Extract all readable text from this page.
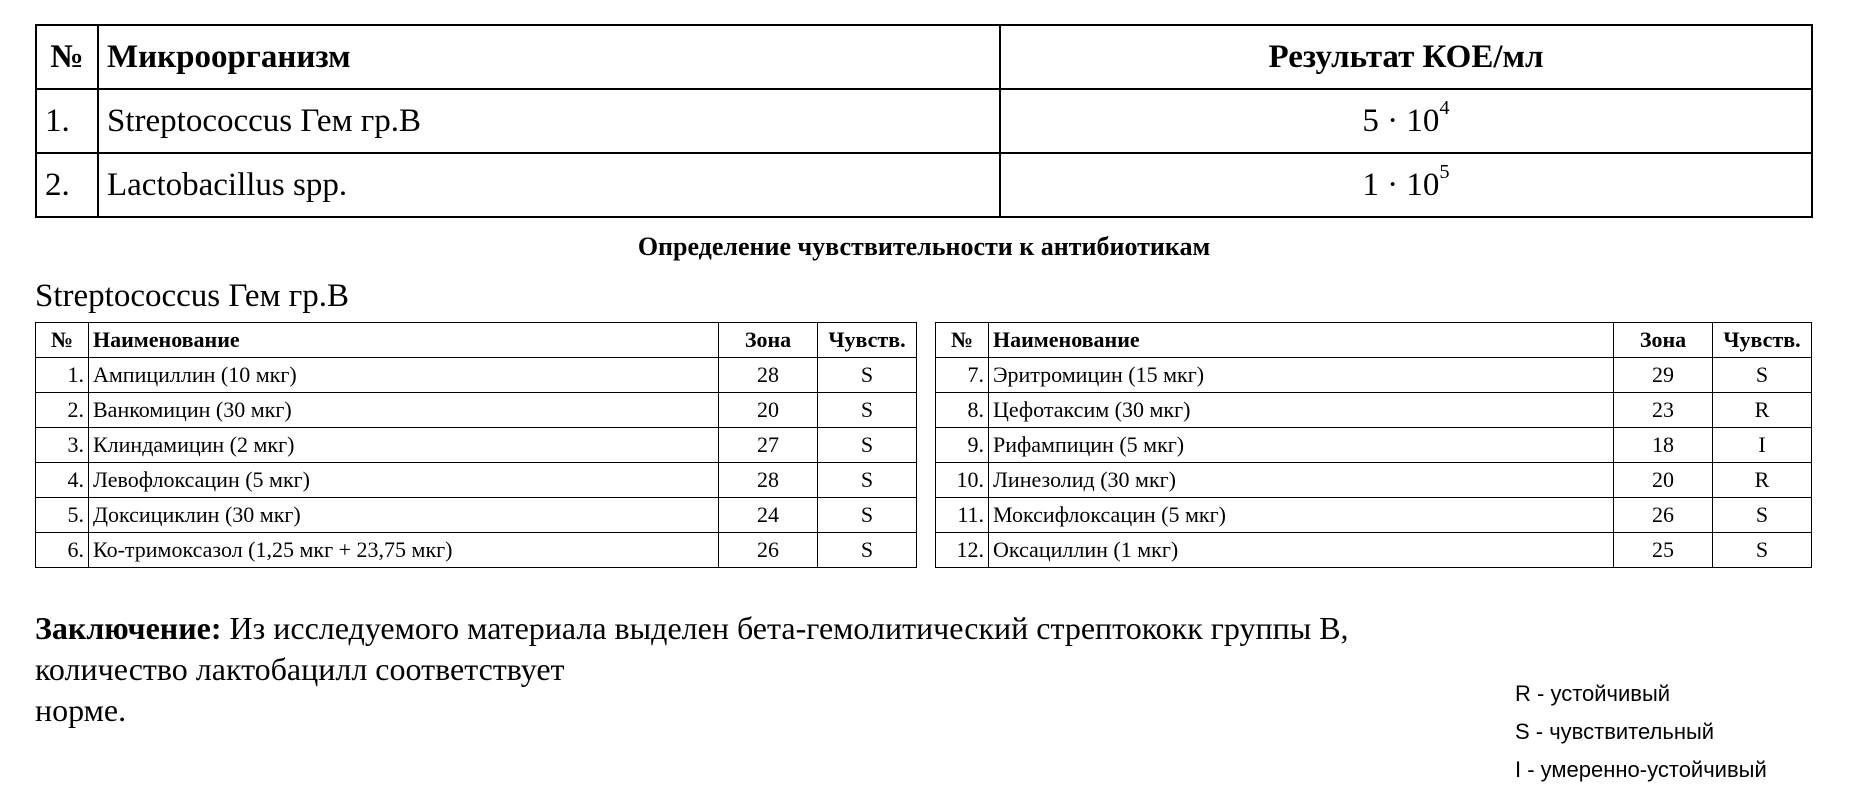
№	Микроорганизм	Результат КОЕ/мл
1.	Streptococcus Гем гр.В	$5 \cdot 10^4$
2.	Lactobacillus spp.	$1 \cdot 10^5$
Определение чувствительности к антибиотикам
Streptococcus Гем гр.В
№	Наименование	Зона	Чувств.
1.	Ампициллин (10 мкг)	28	S
2.	Ванкомицин (30 мкг)	20	S
3.	Клиндамицин (2 мкг)	27	S
4.	Левофлоксацин (5 мкг)	28	S
5.	Доксициклин (30 мкг)	24	S
6.	Ко-тримоксазол (1,25 мкг + 23,75 мкг)	26	S
№	Наименование	Зона	Чувств.
7.	Эритромицин (15 мкг)	29	S
8.	Цефотаксим (30 мкг)	23	R
9.	Рифампицин (5 мкг)	18	I
10.	Линезолид (30 мкг)	20	R
11.	Моксифлоксацин (5 мкг)	26	S
12.	Оксациллин (1 мкг)	25	S
Заключение: Из исследуемого материала выделен бета-гемолитический стрептококк группы В,
количество лактобацилл соответствует
норме.	R - устойчивый
S - чувствительный
I - умеренно-устойчивый
